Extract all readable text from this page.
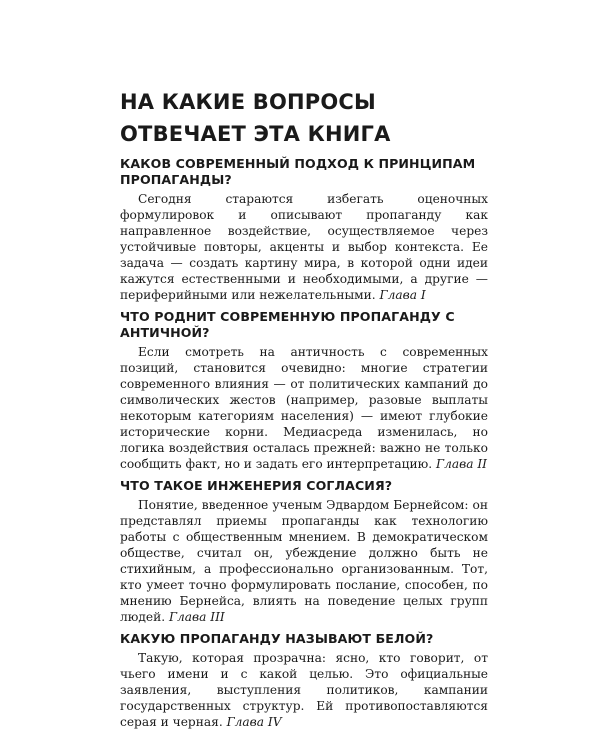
НА КАКИЕ ВОПРОСЫ
ОТВЕЧАЕТ ЭТА КНИГА
КАКОВ СОВРЕМЕННЫЙ ПОДХОД К ПРИНЦИПАМ ПРОПАГАНДЫ?

Сегодня стараются избегать оценочных формулировок и описывают пропаганду как направленное воздействие, осуществляемое через устойчивые повторы, акценты и выбор контекста. Ее задача — создать картину мира, в которой одни идеи кажутся естественными и необходимыми, а другие — периферийными или нежелательными. Глава I

ЧТО РОДНИТ СОВРЕМЕННУЮ ПРОПАГАНДУ С АНТИЧНОЙ?

Если смотреть на античность с современных позиций, становится очевидно: многие стратегии современного влияния — от политических кампаний до символических жестов (например, разовые выплаты некоторым категориям населения) — имеют глубокие исторические корни. Медиасреда изменилась, но логика воздействия осталась прежней: важно не только сообщить факт, но и задать его интерпретацию. Глава II

ЧТО ТАКОЕ ИНЖЕНЕРИЯ СОГЛАСИЯ?

Понятие, введенное ученым Эдвардом Бернейсом: он представлял приемы пропаганды как технологию работы с общественным мнением. В демократическом обществе, считал он, убеждение должно быть не стихийным, а профессионально организованным. Тот, кто умеет точно формулировать послание, способен, по мнению Бернейса, влиять на поведение целых групп людей. Глава III

КАКУЮ ПРОПАГАНДУ НАЗЫВАЮТ БЕЛОЙ?

Такую, которая прозрачна: ясно, кто говорит, от чьего имени и с какой целью. Это официальные заявления, выступления политиков, кампании государственных структур. Ей противопоставляются серая и черная. Глава IV
